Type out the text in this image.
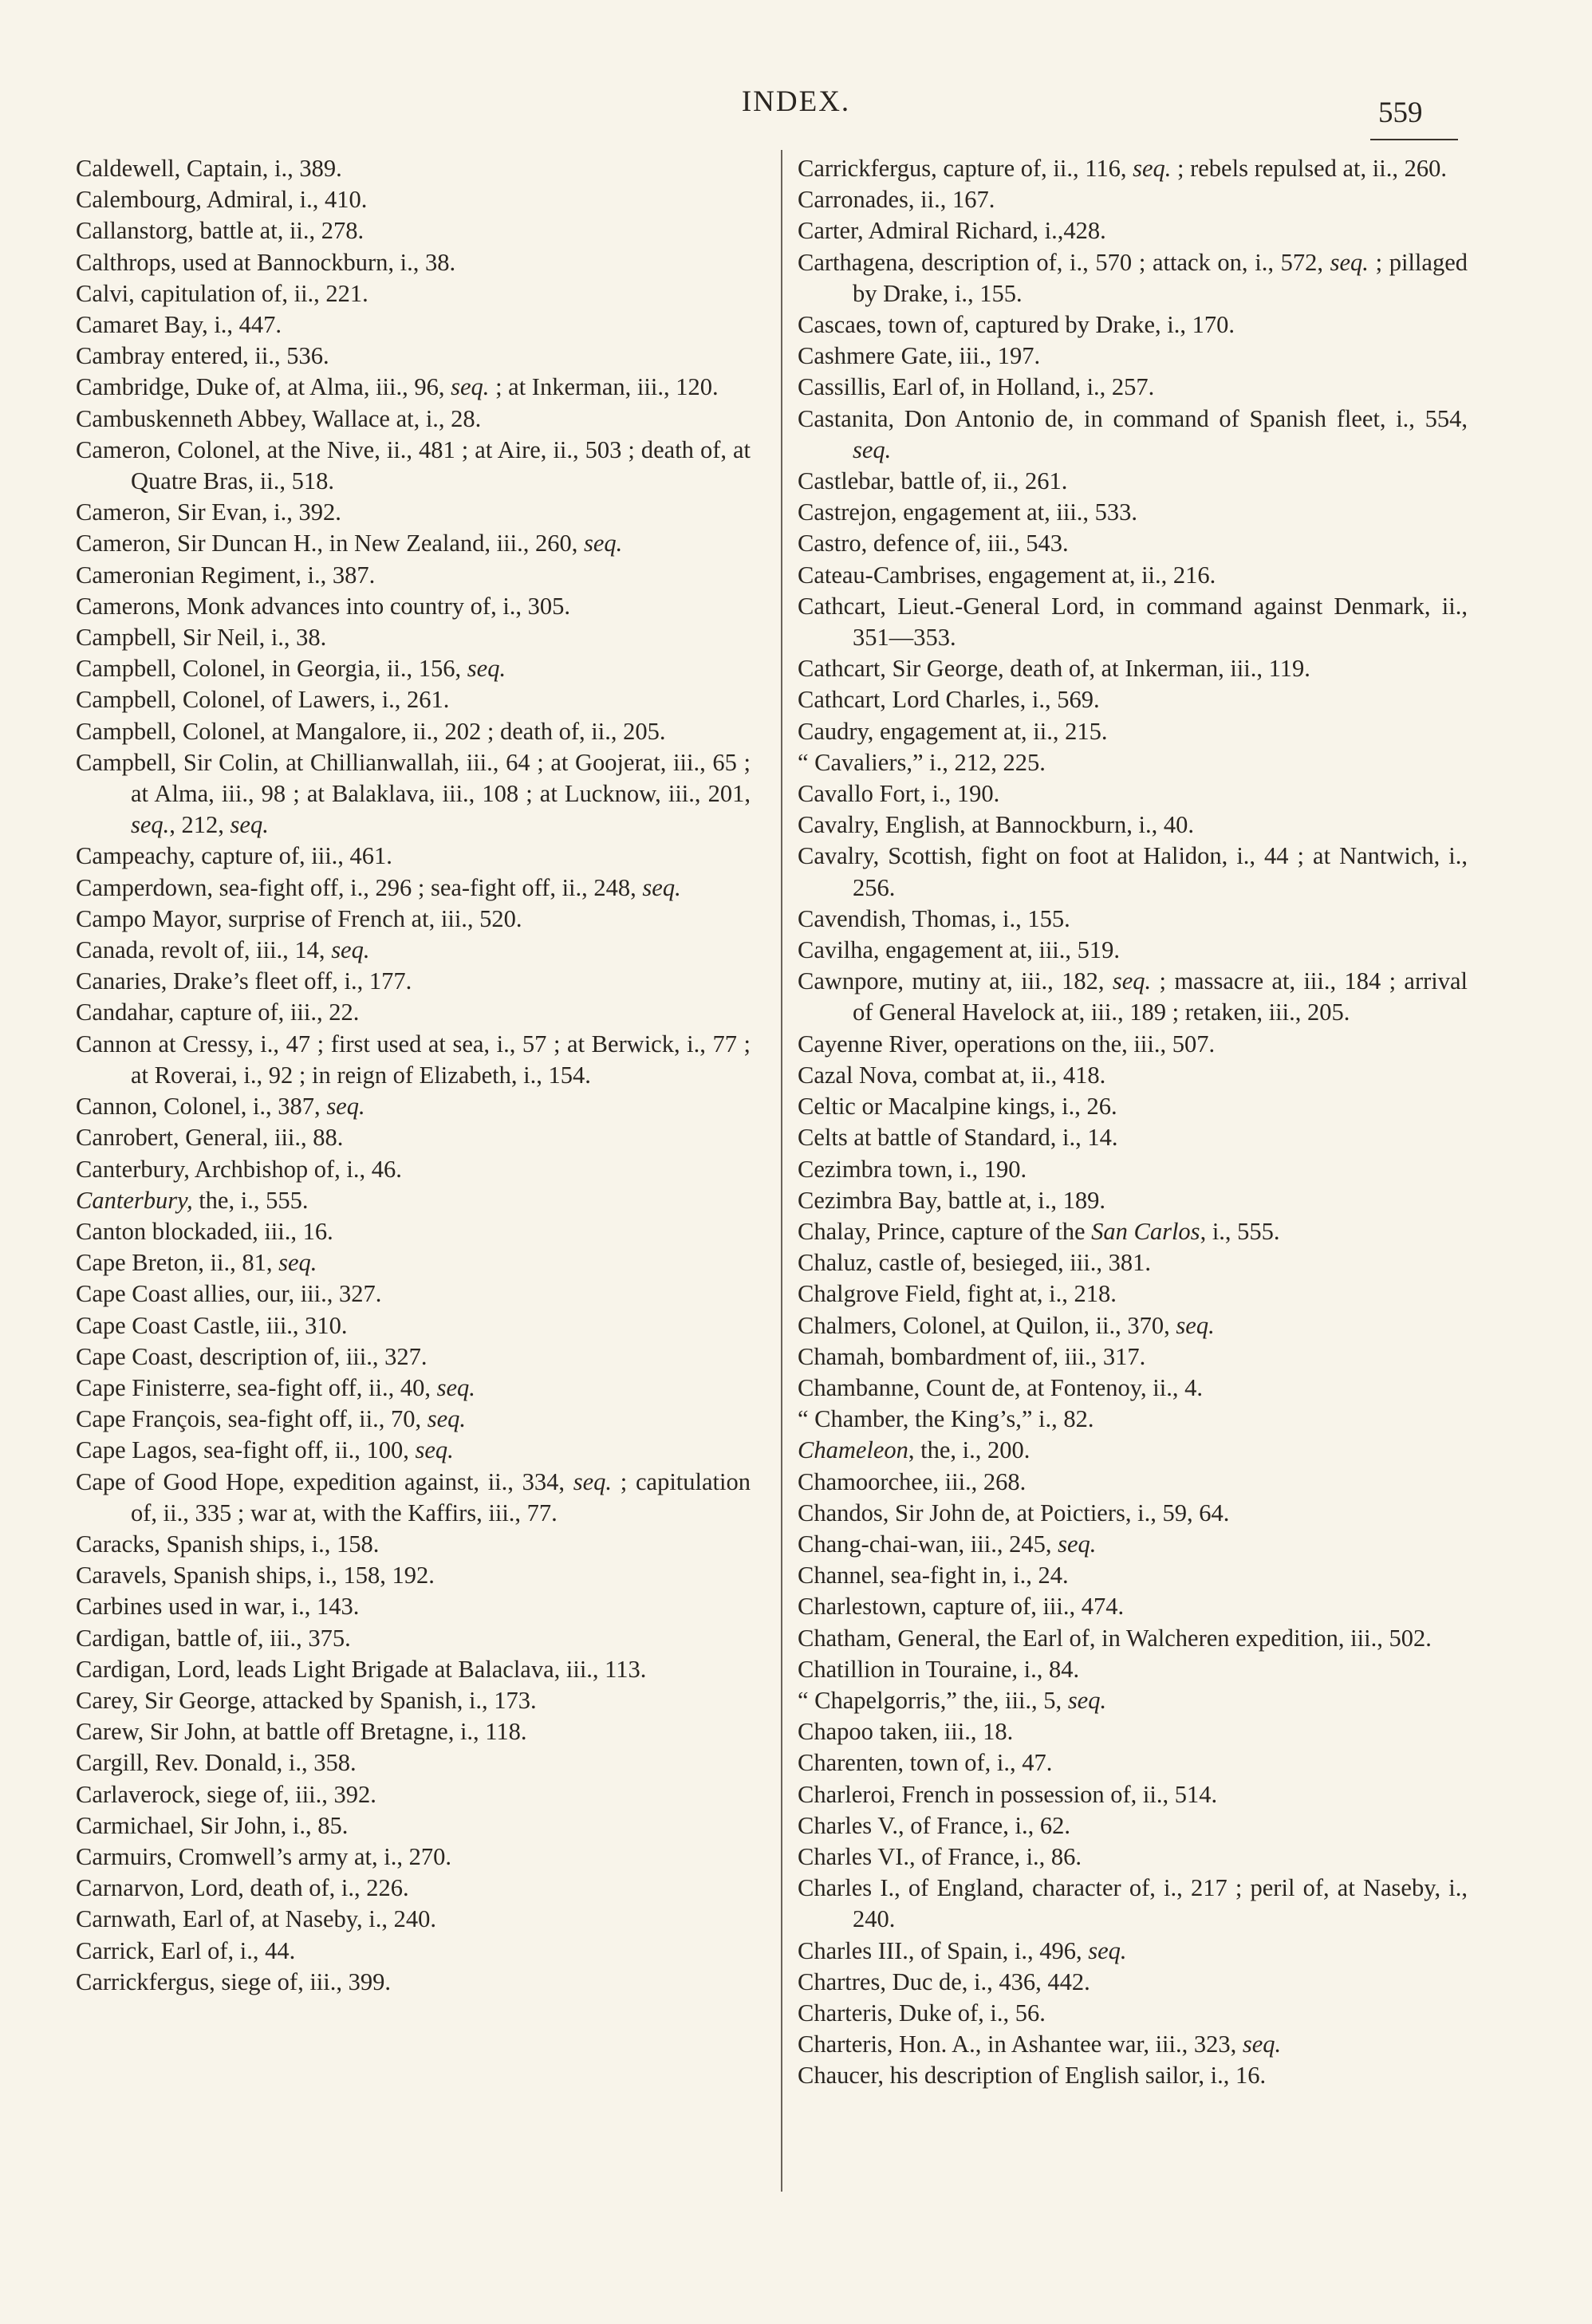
INDEX.	559

Caldewell, Captain, i., 389.

Calembourg, Admiral, i., 410.

Callanstorg, battle at, ii., 278.

Calthrops, used at Bannockburn, i., 38.

Calvi, capitulation of, ii., 221.

Camaret Bay, i., 447.

Cambray entered, ii., 536.

Cambridge, Duke of, at Alma, iii., 96, seq. ; at Inkerman, iii., 120.

Cambuskenneth Abbey, Wallace at, i., 28.

Cameron, Colonel, at the Nive, ii., 481 ; at Aire, ii., 503 ; death of, at Quatre Bras, ii., 518.

Cameron, Sir Evan, i., 392.

Cameron, Sir Duncan H., in New Zealand, iii., 260, seq.

Cameronian Regiment, i., 387.

Camerons, Monk advances into country of, i., 305.

Campbell, Sir Neil, i., 38.

Campbell, Colonel, in Georgia, ii., 156, seq.

Campbell, Colonel, of Lawers, i., 261.

Campbell, Colonel, at Mangalore, ii., 202 ; death of, ii., 205.

Campbell, Sir Colin, at Chillianwallah, iii., 64 ; at Goojerat, iii., 65 ; at Alma, iii., 98 ; at Balaklava, iii., 108 ; at Lucknow, iii., 201, seq., 212, seq.

Campeachy, capture of, iii., 461.

Camperdown, sea-fight off, i., 296 ; sea-fight off, ii., 248, seq.

Campo Mayor, surprise of French at, iii., 520.

Canada, revolt of, iii., 14, seq.

Canaries, Drake’s fleet off, i., 177.

Candahar, capture of, iii., 22.

Cannon at Cressy, i., 47 ; first used at sea, i., 57 ; at Berwick, i., 77 ; at Roverai, i., 92 ; in reign of Elizabeth, i., 154.

Cannon, Colonel, i., 387, seq.

Canrobert, General, iii., 88.

Canterbury, Archbishop of, i., 46.

Canterbury, the, i., 555.

Canton blockaded, iii., 16.

Cape Breton, ii., 81, seq.

Cape Coast allies, our, iii., 327.

Cape Coast Castle, iii., 310.

Cape Coast, description of, iii., 327.

Cape Finisterre, sea-fight off, ii., 40, seq.

Cape François, sea-fight off, ii., 70, seq.

Cape Lagos, sea-fight off, ii., 100, seq.

Cape of Good Hope, expedition against, ii., 334, seq. ; capitulation of, ii., 335 ; war at, with the Kaffirs, iii., 77.

Caracks, Spanish ships, i., 158.

Caravels, Spanish ships, i., 158, 192.

Carbines used in war, i., 143.

Cardigan, battle of, iii., 375.

Cardigan, Lord, leads Light Brigade at Balaclava, iii., 113.

Carey, Sir George, attacked by Spanish, i., 173.

Carew, Sir John, at battle off Bretagne, i., 118.

Cargill, Rev. Donald, i., 358.

Carlaverock, siege of, iii., 392.

Carmichael, Sir John, i., 85.

Carmuirs, Cromwell’s army at, i., 270.

Carnarvon, Lord, death of, i., 226.

Carnwath, Earl of, at Naseby, i., 240.

Carrick, Earl of, i., 44.

Carrickfergus, siege of, iii., 399.

Carrickfergus, capture of, ii., 116, seq. ; rebels repulsed at, ii., 260.

Carronades, ii., 167.

Carter, Admiral Richard, i.,428.

Carthagena, description of, i., 570 ; attack on, i., 572, seq. ; pillaged by Drake, i., 155.

Cascaes, town of, captured by Drake, i., 170.

Cashmere Gate, iii., 197.

Cassillis, Earl of, in Holland, i., 257.

Castanita, Don Antonio de, in command of Spanish fleet, i., 554, seq.

Castlebar, battle of, ii., 261.

Castrejon, engagement at, iii., 533.

Castro, defence of, iii., 543.

Cateau-Cambrises, engagement at, ii., 216.

Cathcart, Lieut.-General Lord, in command against Denmark, ii., 351—353.

Cathcart, Sir George, death of, at Inkerman, iii., 119.

Cathcart, Lord Charles, i., 569.

Caudry, engagement at, ii., 215.

“ Cavaliers,” i., 212, 225.

Cavallo Fort, i., 190.

Cavalry, English, at Bannockburn, i., 40.

Cavalry, Scottish, fight on foot at Halidon, i., 44 ; at Nantwich, i., 256.

Cavendish, Thomas, i., 155.

Cavilha, engagement at, iii., 519.

Cawnpore, mutiny at, iii., 182, seq. ; massacre at, iii., 184 ; arrival of General Havelock at, iii., 189 ; retaken, iii., 205.

Cayenne River, operations on the, iii., 507.

Cazal Nova, combat at, ii., 418.

Celtic or Macalpine kings, i., 26.

Celts at battle of Standard, i., 14.

Cezimbra town, i., 190.

Cezimbra Bay, battle at, i., 189.

Chalay, Prince, capture of the San Carlos, i., 555.

Chaluz, castle of, besieged, iii., 381.

Chalgrove Field, fight at, i., 218.

Chalmers, Colonel, at Quilon, ii., 370, seq.

Chamah, bombardment of, iii., 317.

Chambanne, Count de, at Fontenoy, ii., 4.

“ Chamber, the King’s,” i., 82.

Chameleon, the, i., 200.

Chamoorchee, iii., 268.

Chandos, Sir John de, at Poictiers, i., 59, 64.

Chang-chai-wan, iii., 245, seq.

Channel, sea-fight in, i., 24.

Charlestown, capture of, iii., 474.

Chatham, General, the Earl of, in Walcheren expedition, iii., 502.

Chatillion in Touraine, i., 84.

“ Chapelgorris,” the, iii., 5, seq.

Chapoo taken, iii., 18.

Charenten, town of, i., 47.

Charleroi, French in possession of, ii., 514.

Charles V., of France, i., 62.

Charles VI., of France, i., 86.

Charles I., of England, character of, i., 217 ; peril of, at Naseby, i., 240.

Charles III., of Spain, i., 496, seq.

Chartres, Duc de, i., 436, 442.

Charteris, Duke of, i., 56.

Charteris, Hon. A., in Ashantee war, iii., 323, seq.

Chaucer, his description of English sailor, i., 16.
